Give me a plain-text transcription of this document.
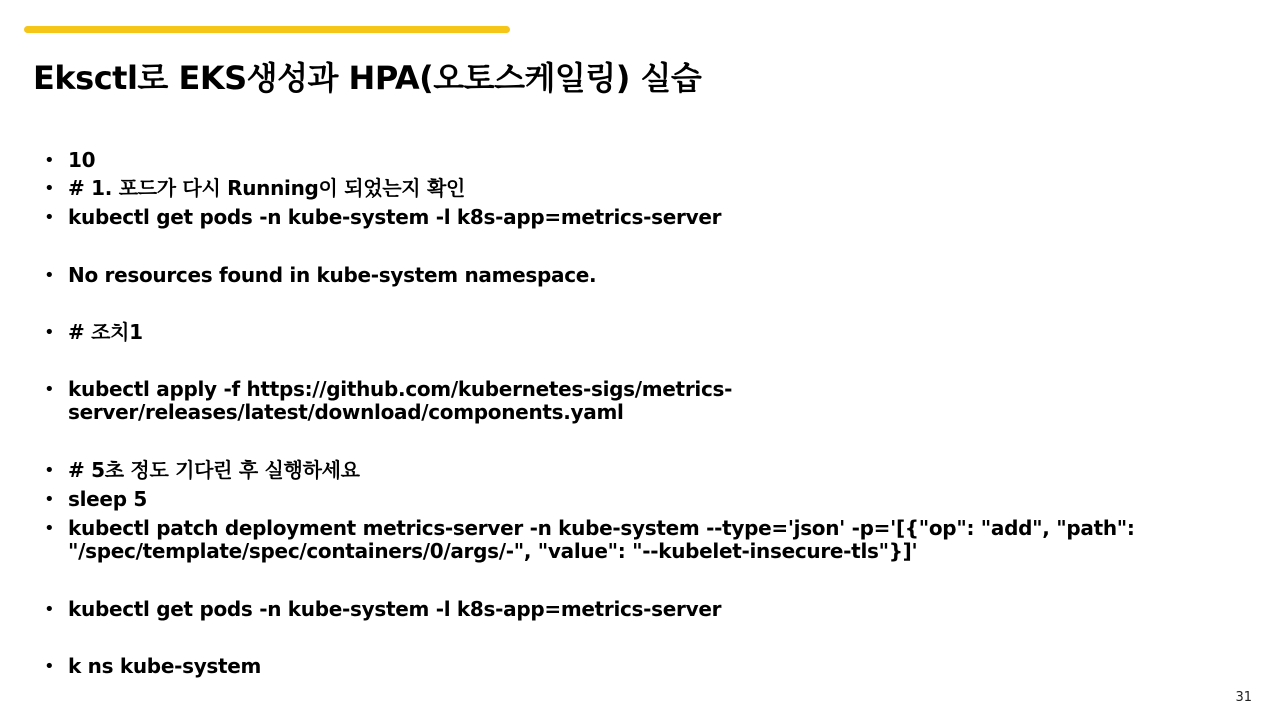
Eksctl로 EKS생성과 HPA(오토스케일링) 실습
• 10
• # 1. 포드가 다시 Running이 되었는지 확인
• kubectl get pods -n kube-system -l k8s-app=metrics-server
• No resources found in kube-system namespace.
• # 조치1
• kubectl apply -f https://github.com/kubernetes-sigs/metrics-
server/releases/latest/download/components.yaml
• # 5초 정도 기다린 후 실행하세요
• sleep 5
• kubectl patch deployment metrics-server -n kube-system --type='json' -p='[{"op": "add", "path":
"/spec/template/spec/containers/0/args/-", "value": "--kubelet-insecure-tls"}]'
• kubectl get pods -n kube-system -l k8s-app=metrics-server
• k ns kube-system
31
